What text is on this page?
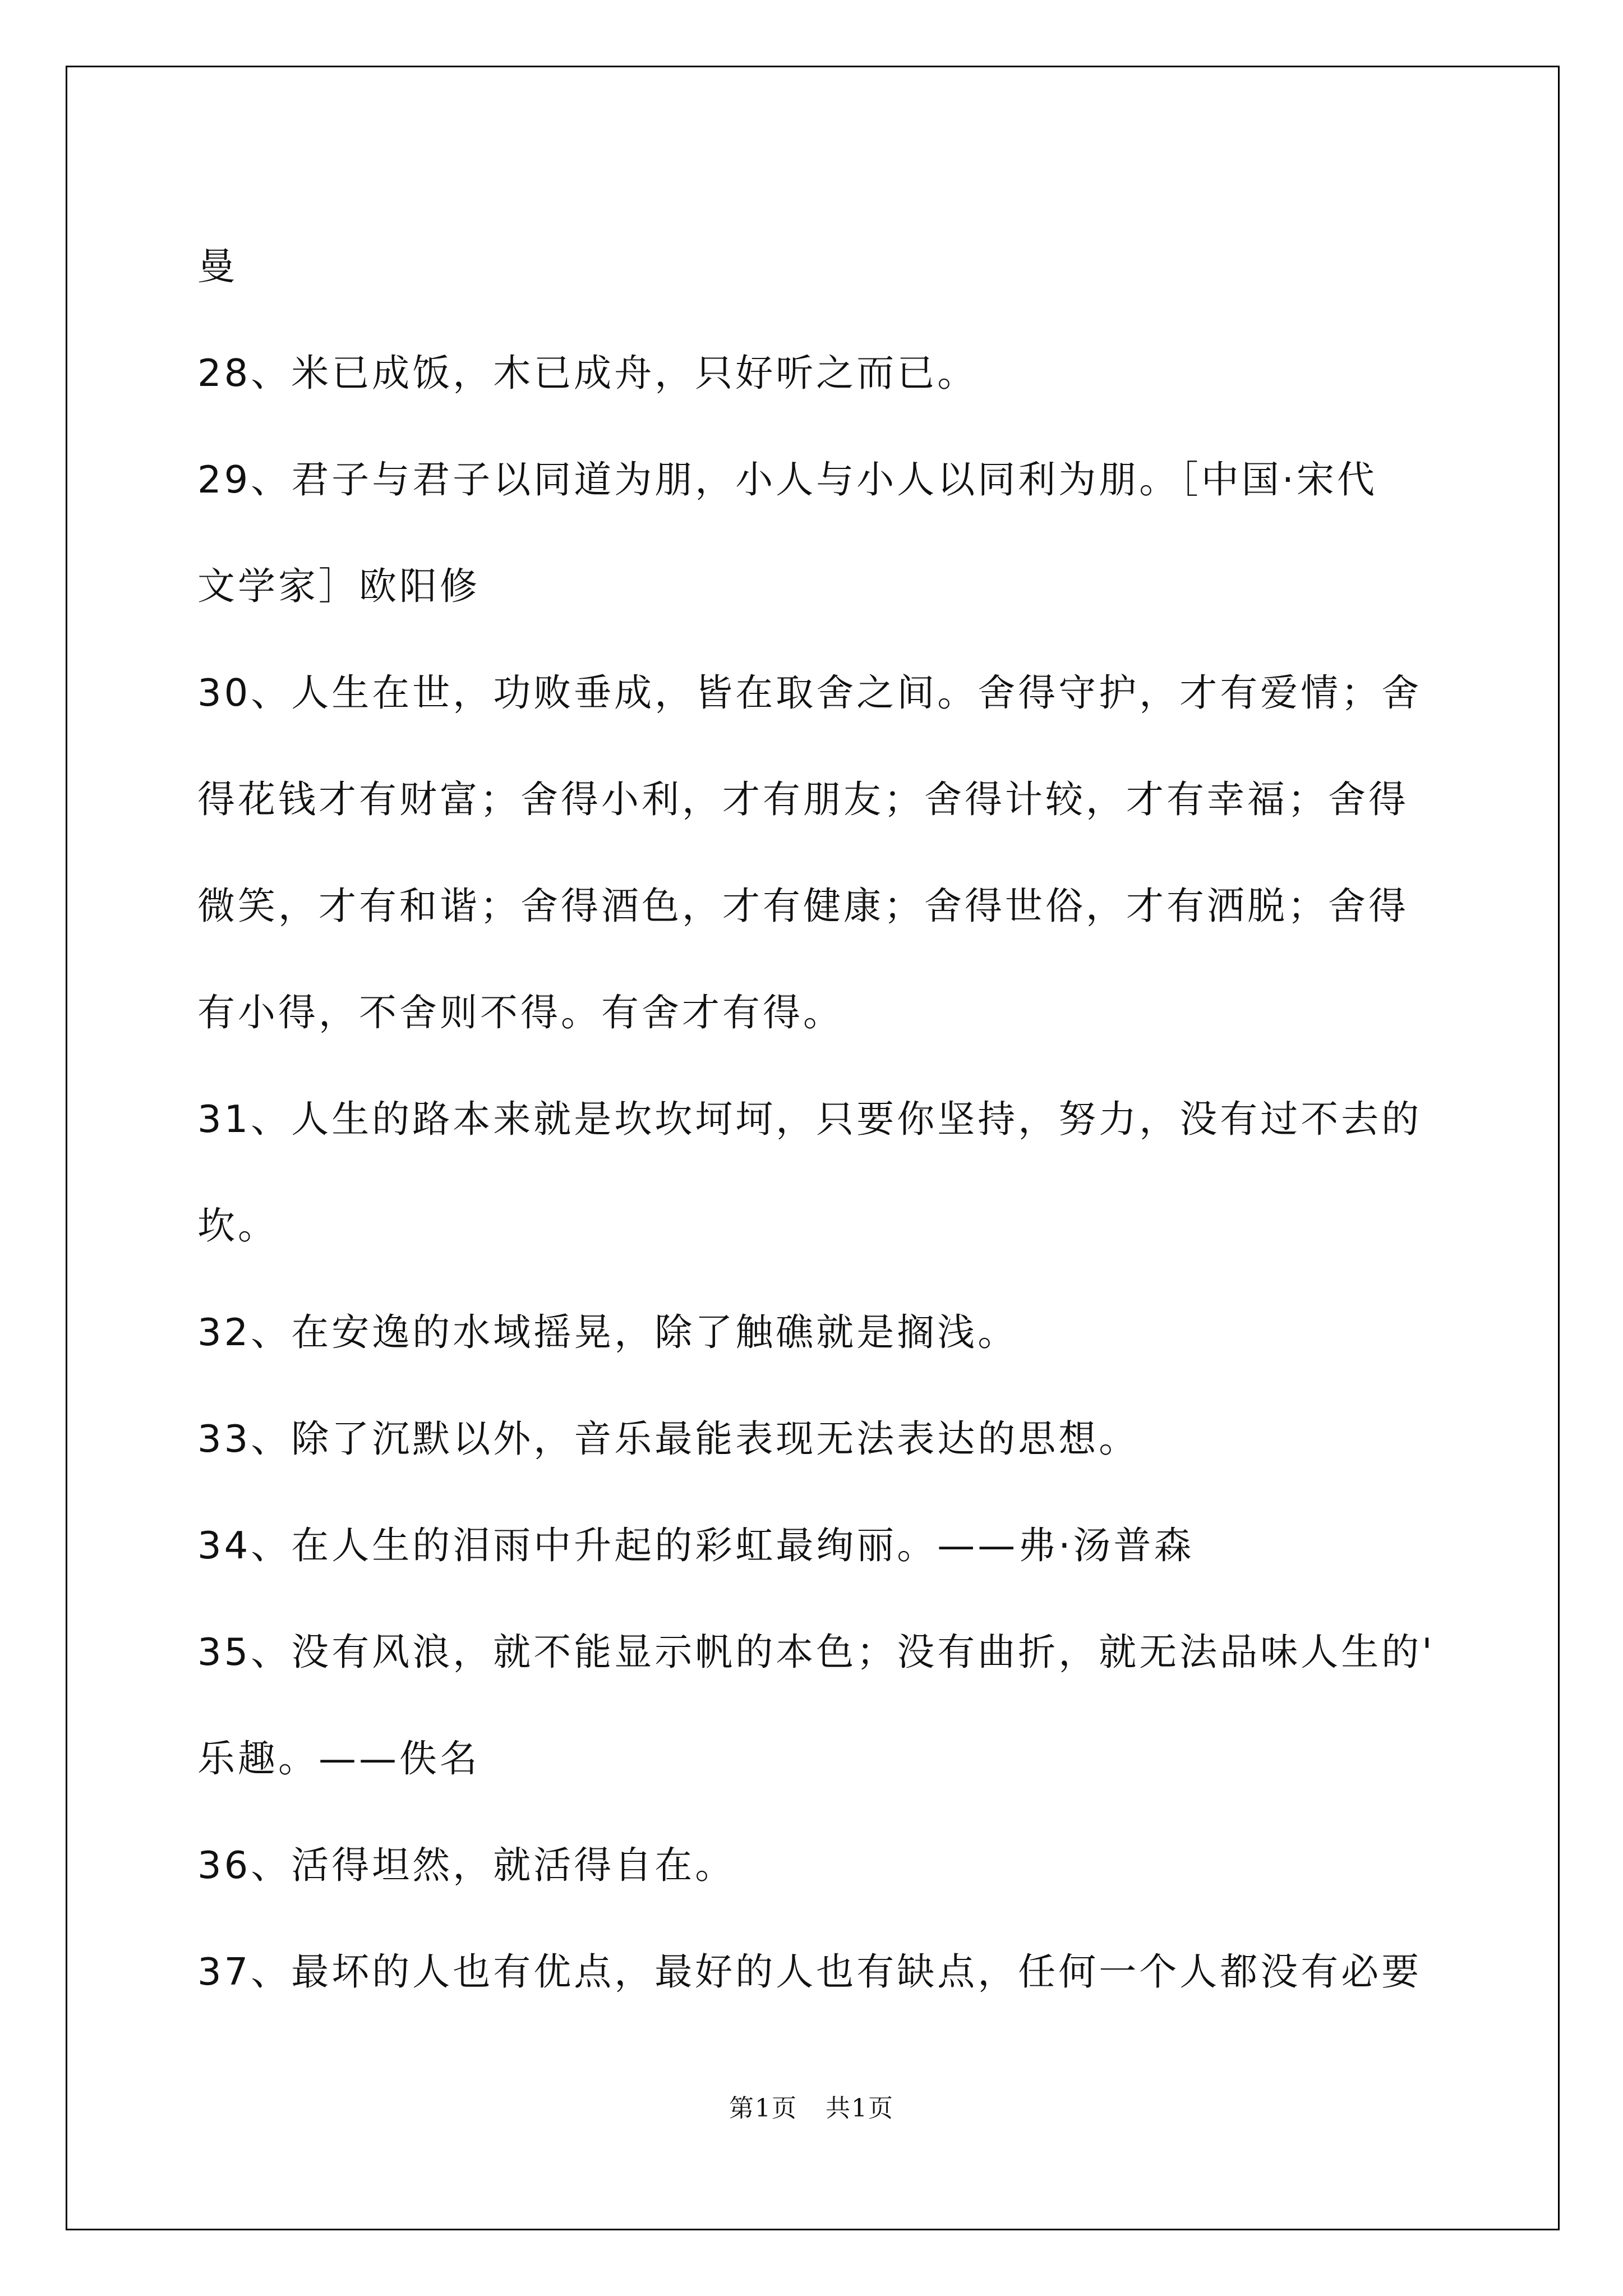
曼
28、米已成饭，木已成舟，只好听之而已。
29、君子与君子以同道为朋，小人与小人以同利为朋。［中国·宋代
文学家］欧阳修
30、人生在世，功败垂成，皆在取舍之间。舍得守护，才有爱情；舍
得花钱才有财富；舍得小利，才有朋友；舍得计较，才有幸福；舍得
微笑，才有和谐；舍得酒色，才有健康；舍得世俗，才有洒脱；舍得
有小得，不舍则不得。有舍才有得。
31、人生的路本来就是坎坎坷坷，只要你坚持，努力，没有过不去的
坎。
32、在安逸的水域摇晃，除了触礁就是搁浅。
33、除了沉默以外，音乐最能表现无法表达的思想。
34、在人生的泪雨中升起的彩虹最绚丽。——弗·汤普森
35、没有风浪，就不能显示帆的本色；没有曲折，就无法品味人生的'
乐趣。——佚名
36、活得坦然，就活得自在。
37、最坏的人也有优点，最好的人也有缺点，任何一个人都没有必要
第1页 共1页
